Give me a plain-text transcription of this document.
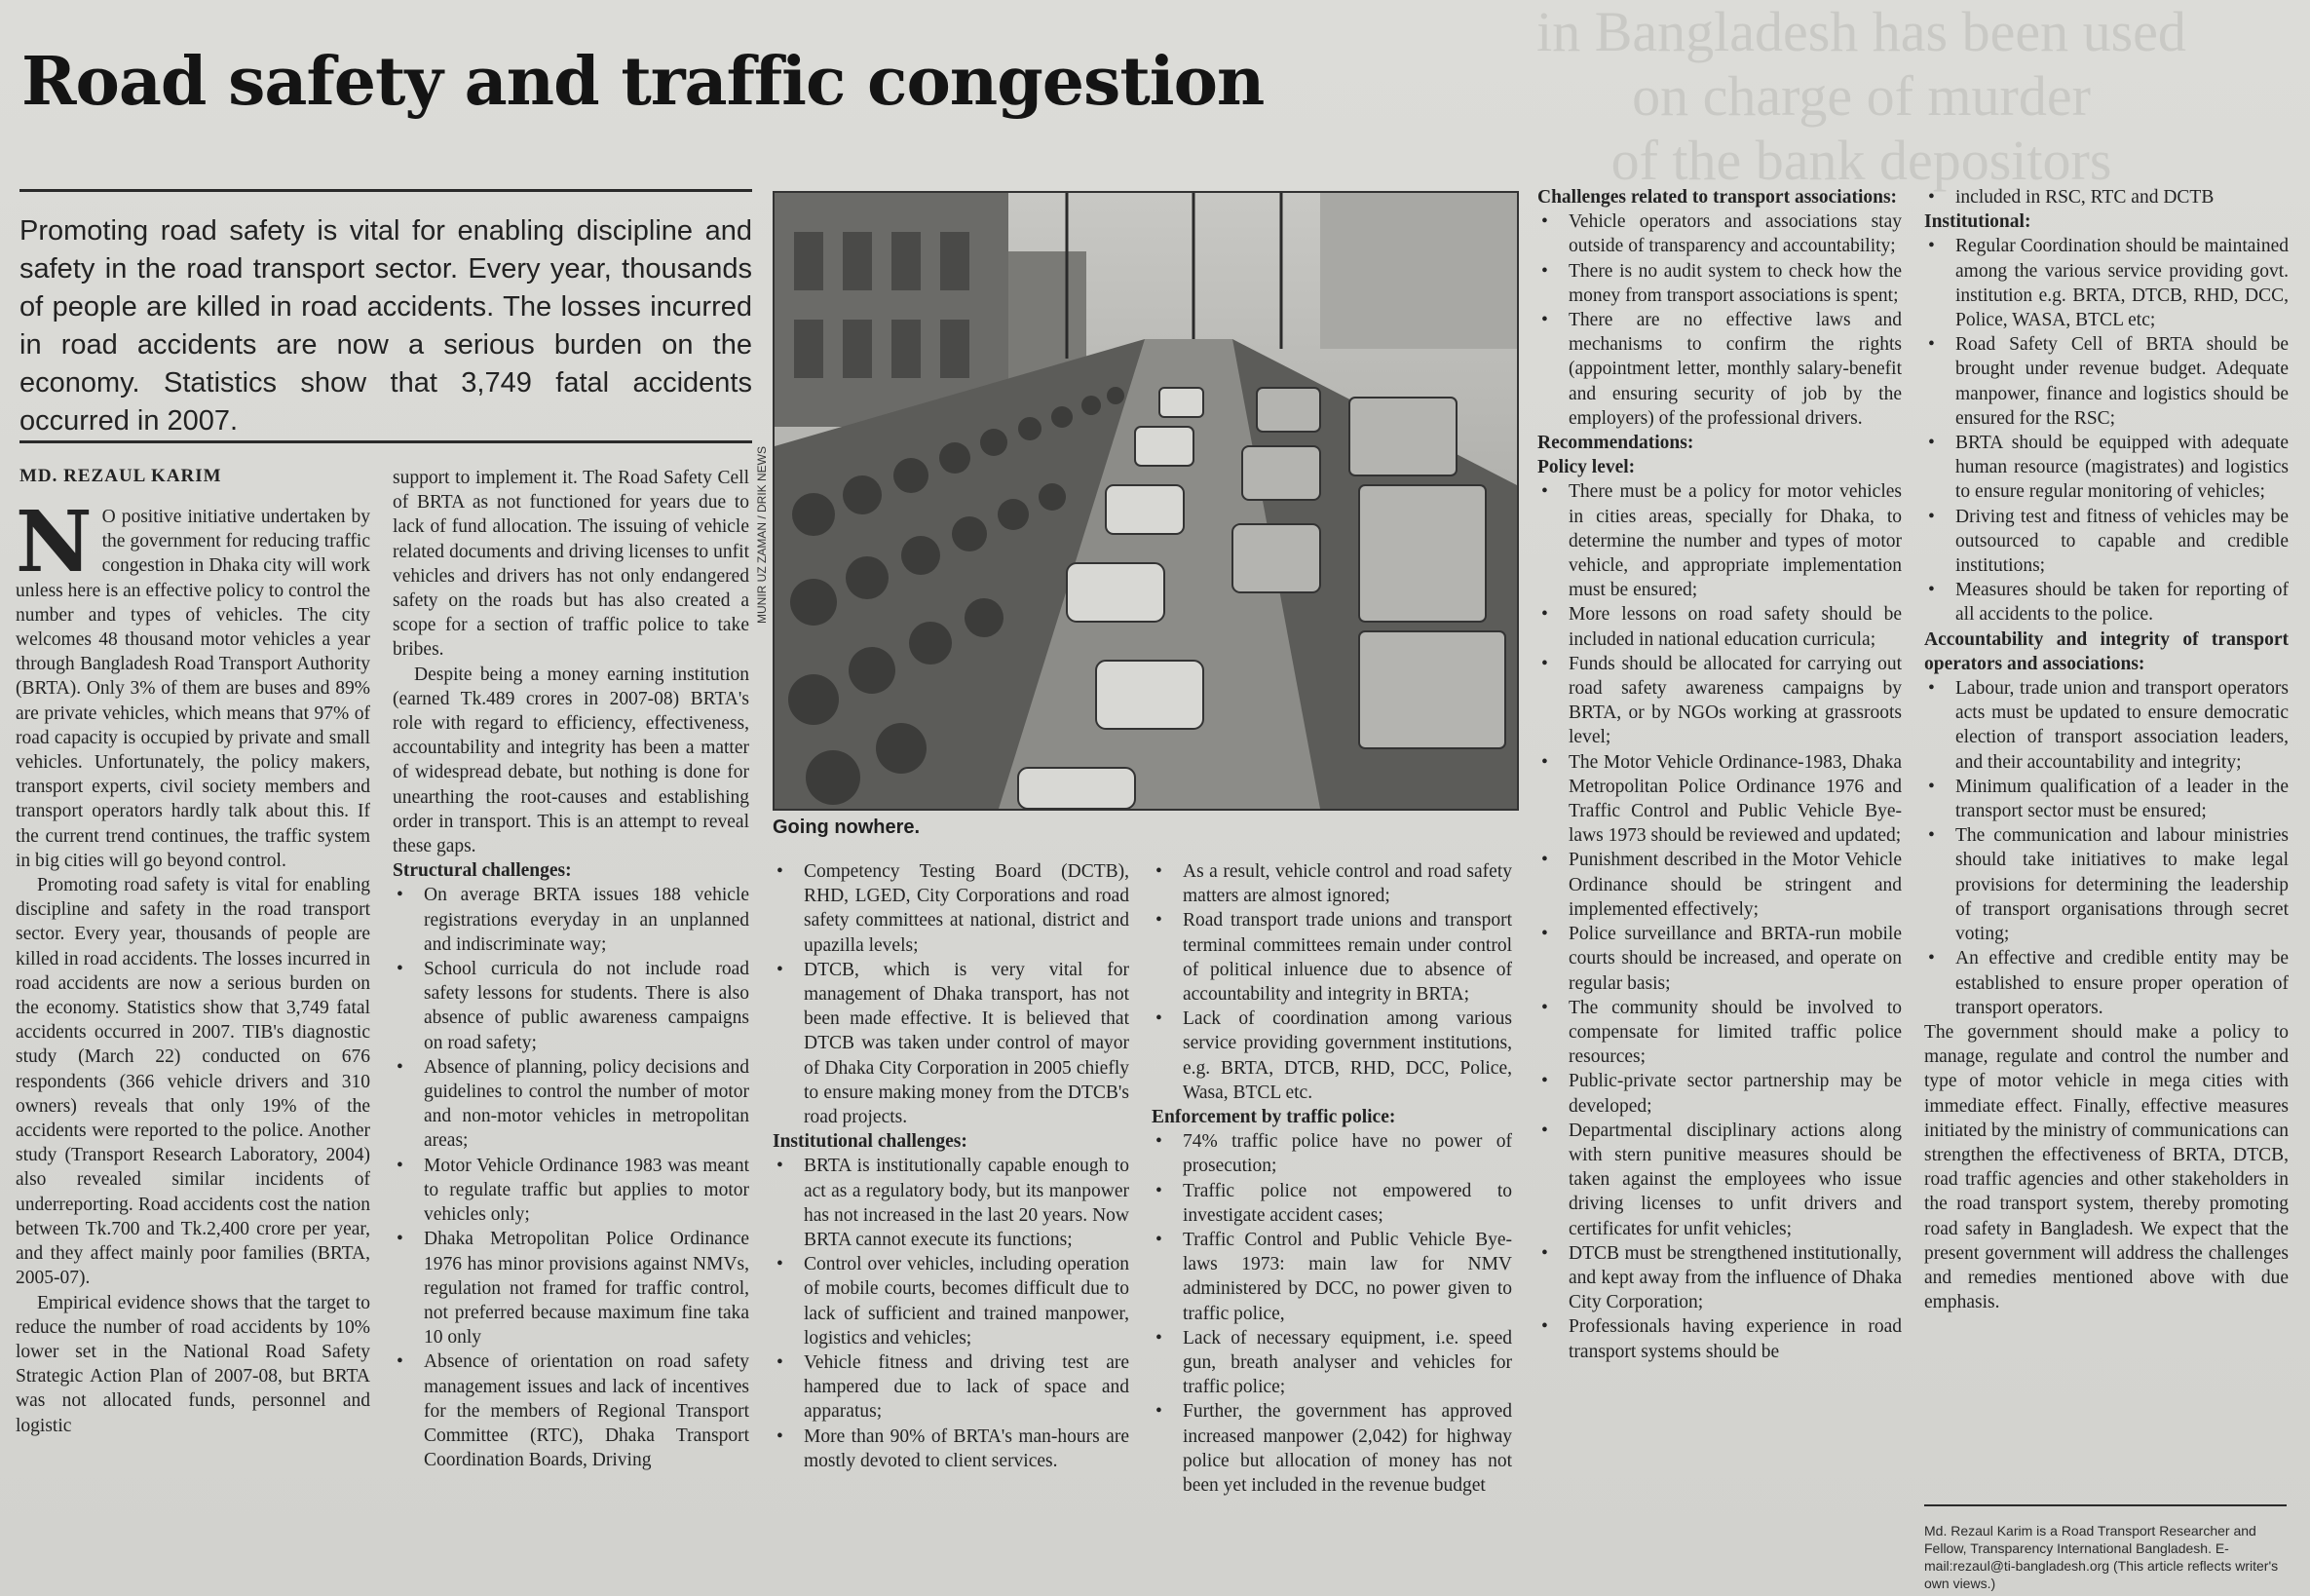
in Bangladesh has been used
on charge of murder
of the bank depositors
Road safety and traffic congestion
Promoting road safety is vital for enabling discipline and safety in the road transport sector. Every year, thousands of people are killed in road accidents. The losses incurred in road accidents are now a serious burden on the economy. Statistics show that 3,749 fatal accidents occurred in 2007.
MD. REZAUL KARIM	MUNIR UZ ZAMAN / DRIK NEWS
Going nowhere.

N O positive initiative undertaken by the government for reducing traffic congestion in Dhaka city will work unless here is an effective policy to control the number and types of vehicles. The city welcomes 48 thousand motor vehicles a year through Bangladesh Road Transport Authority (BRTA). Only 3% of them are buses and 89% are private vehicles, which means that 97% of road capacity is occupied by private and small vehicles. Unfortunately, the policy makers, transport experts, civil society members and transport operators hardly talk about this. If the current trend continues, the traffic system in big cities will go beyond control.

Promoting road safety is vital for enabling discipline and safety in the road transport sector. Every year, thousands of people are killed in road accidents. The losses incurred in road accidents are now a serious burden on the economy. Statistics show that 3,749 fatal accidents occurred in 2007. TIB's diagnostic study (March 22) conducted on 676 respondents (366 vehicle drivers and 310 owners) reveals that only 19% of the accidents were reported to the police. Another study (Transport Research Laboratory, 2004) also revealed similar incidents of underreporting. Road accidents cost the nation between Tk.700 and Tk.2,400 crore per year, and they affect mainly poor families (BRTA, 2005-07).

Empirical evidence shows that the target to reduce the number of road accidents by 10% lower set in the National Road Safety Strategic Action Plan of 2007-08, but BRTA was not allocated funds, personnel and logistic

support to implement it. The Road Safety Cell of BRTA as not functioned for years due to lack of fund allocation. The issuing of vehicle related documents and driving licenses to unfit vehicles and drivers has not only endangered safety on the roads but has also created a scope for a section of traffic police to take bribes.

Despite being a money earning institution (earned Tk.489 crores in 2007-08) BRTA's role with regard to efficiency, effectiveness, accountability and integrity has been a matter of widespread debate, but nothing is done for unearthing the root-causes and establishing order in transport. This is an attempt to reveal these gaps.

Structural challenges:

• On average BRTA issues 188 vehicle registrations everyday in an unplanned and indiscriminate way;
• School curricula do not include road safety lessons for students. There is also absence of public awareness campaigns on road safety;
• Absence of planning, policy decisions and guidelines to control the number of motor and non-motor vehicles in metropolitan areas;
• Motor Vehicle Ordinance 1983 was meant to regulate traffic but applies to motor vehicles only;
• Dhaka Metropolitan Police Ordinance 1976 has minor provisions against NMVs, regulation not framed for traffic control, not preferred because maximum fine taka 10 only
• Absence of orientation on road safety management issues and lack of incentives for the members of Regional Transport Committee (RTC), Dhaka Transport Coordination Boards, Driving
• Competency Testing Board (DCTB), RHD, LGED, City Corporations and road safety committees at national, district and upazilla levels;
• DTCB, which is very vital for management of Dhaka transport, has not been made effective. It is believed that DTCB was taken under control of mayor of Dhaka City Corporation in 2005 chiefly to ensure making money from the DTCB's road projects.

Institutional challenges:

• BRTA is institutionally capable enough to act as a regulatory body, but its manpower has not increased in the last 20 years. Now BRTA cannot execute its functions;
• Control over vehicles, including operation of mobile courts, becomes difficult due to lack of sufficient and trained manpower, logistics and vehicles;
• Vehicle fitness and driving test are hampered due to lack of space and apparatus;
• More than 90% of BRTA's man-hours are mostly devoted to client services.
• As a result, vehicle control and road safety matters are almost ignored;
• Road transport trade unions and transport terminal committees remain under control of political inluence due to absence of accountability and integrity in BRTA;
• Lack of coordination among various service providing government institutions, e.g. BRTA, DTCB, RHD, DCC, Police, Wasa, BTCL etc.

Enforcement by traffic police:

• 74% traffic police have no power of prosecution;
• Traffic police not empowered to investigate accident cases;
• Traffic Control and Public Vehicle Bye-laws 1973: main law for NMV administered by DCC, no power given to traffic police,
• Lack of necessary equipment, i.e. speed gun, breath analyser and vehicles for traffic police;
• Further, the government has approved increased manpower (2,042) for highway police but allocation of money has not been yet included in the revenue budget

Challenges related to transport associations:

• Vehicle operators and associations stay outside of transparency and accountability;
• There is no audit system to check how the money from transport associations is spent;
• There are no effective laws and mechanisms to confirm the rights (appointment letter, monthly salary-benefit and ensuring security of job by the employers) of the professional drivers.

Recommendations:

Policy level:

• There must be a policy for motor vehicles in cities areas, specially for Dhaka, to determine the number and types of motor vehicle, and appropriate implementation must be ensured;
• More lessons on road safety should be included in national education curricula;
• Funds should be allocated for carrying out road safety awareness campaigns by BRTA, or by NGOs working at grassroots level;
• The Motor Vehicle Ordinance-1983, Dhaka Metropolitan Police Ordinance 1976 and Traffic Control and Public Vehicle Bye-laws 1973 should be reviewed and updated;
• Punishment described in the Motor Vehicle Ordinance should be stringent and implemented effectively;
• Police surveillance and BRTA-run mobile courts should be increased, and operate on regular basis;
• The community should be involved to compensate for limited traffic police resources;
• Public-private sector partnership may be developed;
• Departmental disciplinary actions along with stern punitive measures should be taken against the employees who issue driving licenses to unfit drivers and certificates for unfit vehicles;
• DTCB must be strengthened institutionally, and kept away from the influence of Dhaka City Corporation;
• Professionals having experience in road transport systems should be
• included in RSC, RTC and DCTB

Institutional:

• Regular Coordination should be maintained among the various service providing govt. institution e.g. BRTA, DTCB, RHD, DCC, Police, WASA, BTCL etc;
• Road Safety Cell of BRTA should be brought under revenue budget. Adequate manpower, finance and logistics should be ensured for the RSC;
• BRTA should be equipped with adequate human resource (magistrates) and logistics to ensure regular monitoring of vehicles;
• Driving test and fitness of vehicles may be outsourced to capable and credible institutions;
• Measures should be taken for reporting of all accidents to the police.

Accountability and integrity of transport operators and associations:

• Labour, trade union and transport operators acts must be updated to ensure democratic election of transport association leaders, and their accountability and integrity;
• Minimum qualification of a leader in the transport sector must be ensured;
• The communication and labour ministries should take initiatives to make legal provisions for determining the leadership of transport organisations through secret voting;
• An effective and credible entity may be established to ensure proper operation of transport operators.

The government should make a policy to manage, regulate and control the number and type of motor vehicle in mega cities with immediate effect. Finally, effective measures initiated by the ministry of communications can strengthen the effectiveness of BRTA, DTCB, road traffic agencies and other stakeholders in the road transport system, thereby promoting road safety in Bangladesh. We expect that the present government will address the challenges and remedies mentioned above with due emphasis.

Md. Rezaul Karim is a Road Transport Researcher and Fellow, Transparency International Bangladesh. E-mail:rezaul@ti-bangladesh.org (This article reflects writer's own views.)
